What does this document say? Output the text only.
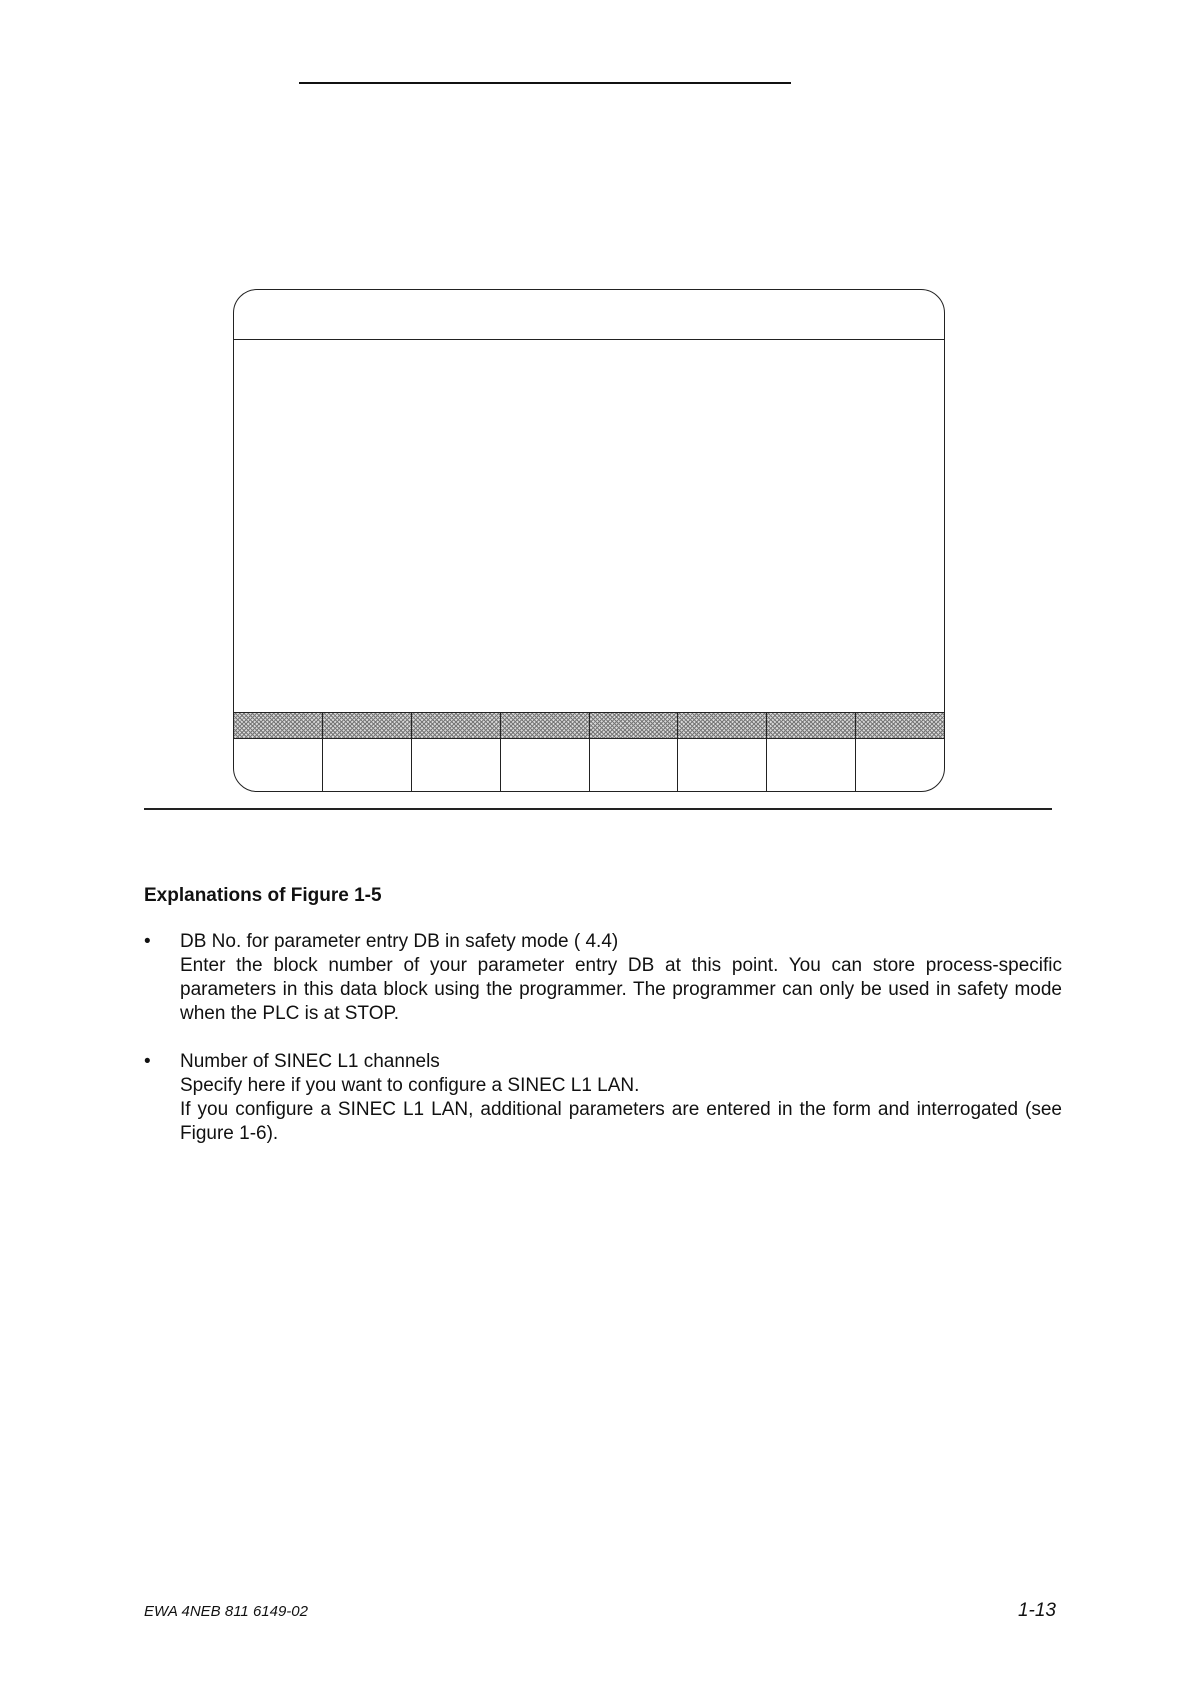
Explanations of Figure 1-5
• DB No. for parameter entry DB in safety mode ( 4.4)

Enter the block number of your parameter entry DB at this point. You can store process-specific parameters in this data block using the programmer. The programmer can only be used in safety mode when the PLC is at STOP.

• Number of SINEC L1 channels

Specify here if you want to configure a SINEC L1 LAN.

If you configure a SINEC L1 LAN, additional parameters are entered in the form and interrogated (see Figure 1-6).

EWA 4NEB 811 6149-02	1-13
